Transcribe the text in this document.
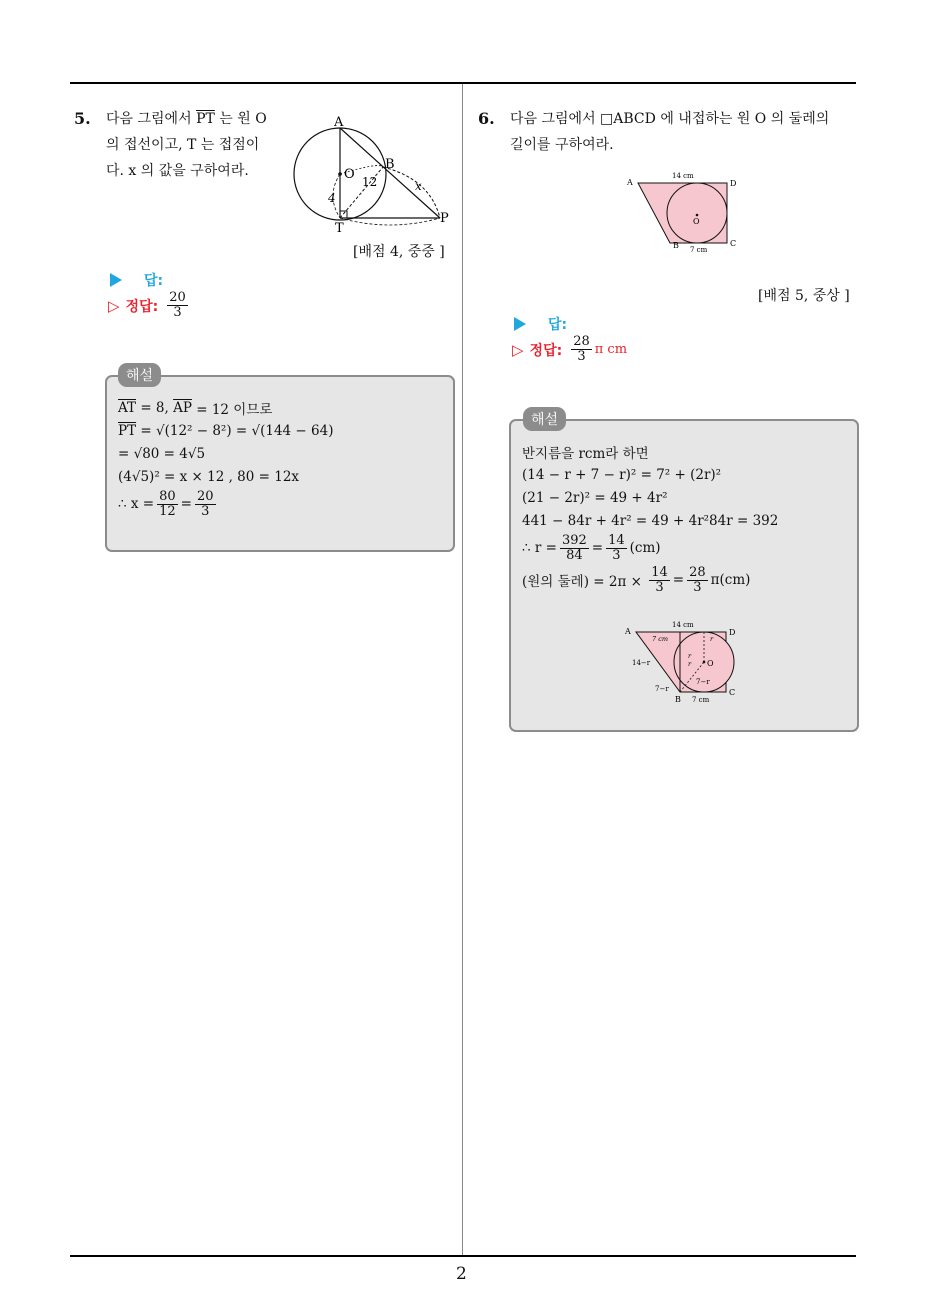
2
5. 다음 그림에서 $\overline{PT}$ 는 원 O
의 접선이고, T 는 접점이
다. x 의 값을 구하여라.
A
B
O
T
P
12	x
4
[배점 4, 중중 ]
답:
▷ 정답: $\frac{20}{3}$
해설
$\overline{AT}$
= 8,
$\overline{AP}$
= 12 이므로
$\overline{PT}$
= √(12² − 8²) = √(144 − 64)
= √80 = 4√5
(4√5)² = x × 12 , 80 = 12x
∴ $x = \frac{80}{12} = \frac{20}{3}$
6. 다음 그림에서 □ABCD 에 내접하는 원 O 의 둘레의
길이를 구하여라.
A	D
B	C
O
14 cm
7 cm
[배점 5, 중상 ]
답:
▷ 정답: $\frac{28}{3}$ π cm
해설
반지름을 rcm라 하면
(14 − r + 7 − r)² = 7² + (2r)²
(21 − 2r)² = 49 + 4r²
441 − 84r + 4r² = 49 + 4r²84r = 392
∴ $r = \frac{392}{84} = \frac{14}{3} (cm)$
(원의 둘레) = 2π ×
$\frac{14}{3} = \frac{28}{3} \pi(cm)$
A	D
B
C
O
14 cm
7 cm	r
14−r
7−r
7−r
r
r
7 cm
